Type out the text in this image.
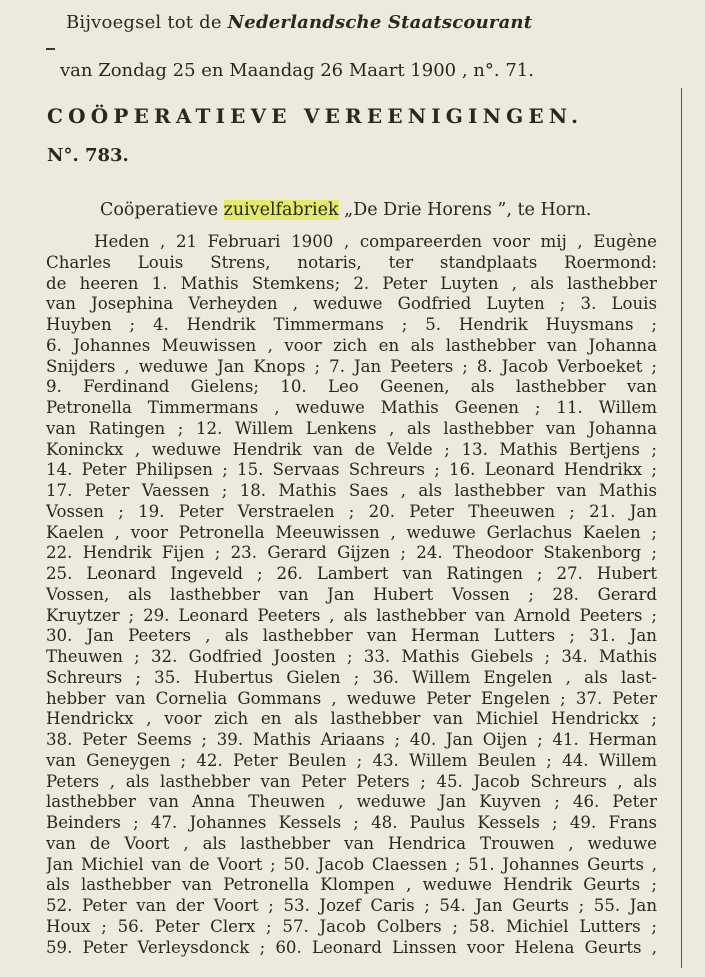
Bijvoegsel tot de Nederlandsche Staatscourant
van Zondag 25 en Maandag 26 Maart 1900 , n°. 71.
COÖPERATIEVE VEREENIGINGEN.
N°. 783.
Coöperatieve zuivelfabriek „De Drie Horens ”, te Horn.
Heden , 21 Februari 1900 , compareerden voor mij , Eugène
Charles Louis Strens, notaris, ter standplaats Roermond:
de heeren 1. Mathis Stemkens; 2. Peter Luyten , als lasthebber
van Josephina Verheyden , weduwe Godfried Luyten ; 3. Louis
Huyben ; 4. Hendrik Timmermans ; 5. Hendrik Huysmans ;
6. Johannes Meuwissen , voor zich en als lasthebber van Johanna
Snijders , weduwe Jan Knops ; 7. Jan Peeters ; 8. Jacob Verboeket ;
9. Ferdinand Gielens; 10. Leo Geenen, als lasthebber van
Petronella Timmermans , weduwe Mathis Geenen ; 11. Willem
van Ratingen ; 12. Willem Lenkens , als lasthebber van Johanna
Koninckx , weduwe Hendrik van de Velde ; 13. Mathis Bertjens ;
14. Peter Philipsen ; 15. Servaas Schreurs ; 16. Leonard Hendrikx ;
17. Peter Vaessen ; 18. Mathis Saes , als lasthebber van Mathis
Vossen ; 19. Peter Verstraelen ; 20. Peter Theeuwen ; 21. Jan
Kaelen , voor Petronella Meeuwissen , weduwe Gerlachus Kaelen ;
22. Hendrik Fijen ; 23. Gerard Gijzen ; 24. Theodoor Stakenborg ;
25. Leonard Ingeveld ; 26. Lambert van Ratingen ; 27. Hubert
Vossen, als lasthebber van Jan Hubert Vossen ; 28. Gerard
Kruytzer ; 29. Leonard Peeters , als lasthebber van Arnold Peeters ;
30. Jan Peeters , als lasthebber van Herman Lutters ; 31. Jan
Theuwen ; 32. Godfried Joosten ; 33. Mathis Giebels ; 34. Mathis
Schreurs ; 35. Hubertus Gielen ; 36. Willem Engelen , als last-
hebber van Cornelia Gommans , weduwe Peter Engelen ; 37. Peter
Hendrickx , voor zich en als lasthebber van Michiel Hendrickx ;
38. Peter Seems ; 39. Mathis Ariaans ; 40. Jan Oijen ; 41. Herman
van Geneygen ; 42. Peter Beulen ; 43. Willem Beulen ; 44. Willem
Peters , als lasthebber van Peter Peters ; 45. Jacob Schreurs , als
lasthebber van Anna Theuwen , weduwe Jan Kuyven ; 46. Peter
Beinders ; 47. Johannes Kessels ; 48. Paulus Kessels ; 49. Frans
van de Voort , als lasthebber van Hendrica Trouwen , weduwe
Jan Michiel van de Voort ; 50. Jacob Claessen ; 51. Johannes Geurts ,
als lasthebber van Petronella Klompen , weduwe Hendrik Geurts ;
52. Peter van der Voort ; 53. Jozef Caris ; 54. Jan Geurts ; 55. Jan
Houx ; 56. Peter Clerx ; 57. Jacob Colbers ; 58. Michiel Lutters ;
59. Peter Verleysdonck ; 60. Leonard Linssen voor Helena Geurts ,
